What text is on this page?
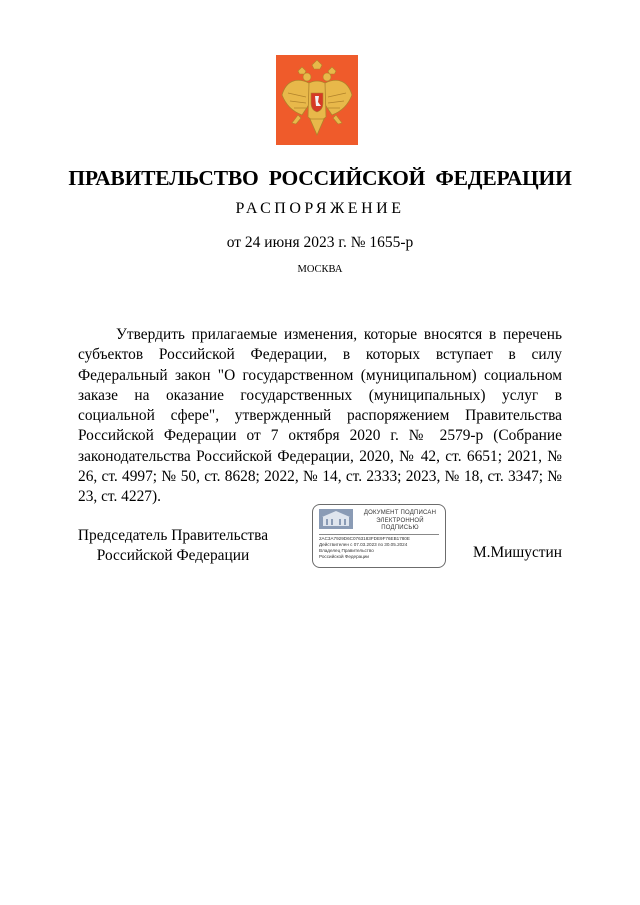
ПРАВИТЕЛЬСТВО РОССИЙСКОЙ ФЕДЕРАЦИИ
РАСПОРЯЖЕНИЕ
от 24 июня 2023 г. № 1655-р
МОСКВА
Утвердить прилагаемые изменения, которые вносятся в перечень субъектов Российской Федерации, в которых вступает в силу Федеральный закон "О государственном (муниципальном) социальном заказе на оказание государственных (муниципальных) услуг в социальной сфере", утвержденный распоряжением Правительства Российской Федерации от 7 октября 2020 г. № 2579-р (Собрание законодательства Российской Федерации, 2020, № 42, ст. 6651; 2021, № 26, ст. 4997; № 50, ст. 8628; 2022, № 14, ст. 2333; 2023, № 18, ст. 3347; № 23, ст. 4227).
Председатель Правительства Российской Федерации
ДОКУМЕНТ ПОДПИСАН ЭЛЕКТРОННОЙ ПОДПИСЬЮ
2AC3A7929D6C0763183FDE9F76EB1780E
Действителен с 07.03.2023 по 30.05.2024
Владелец Правительство Российской Федерации	М.Мишустин
